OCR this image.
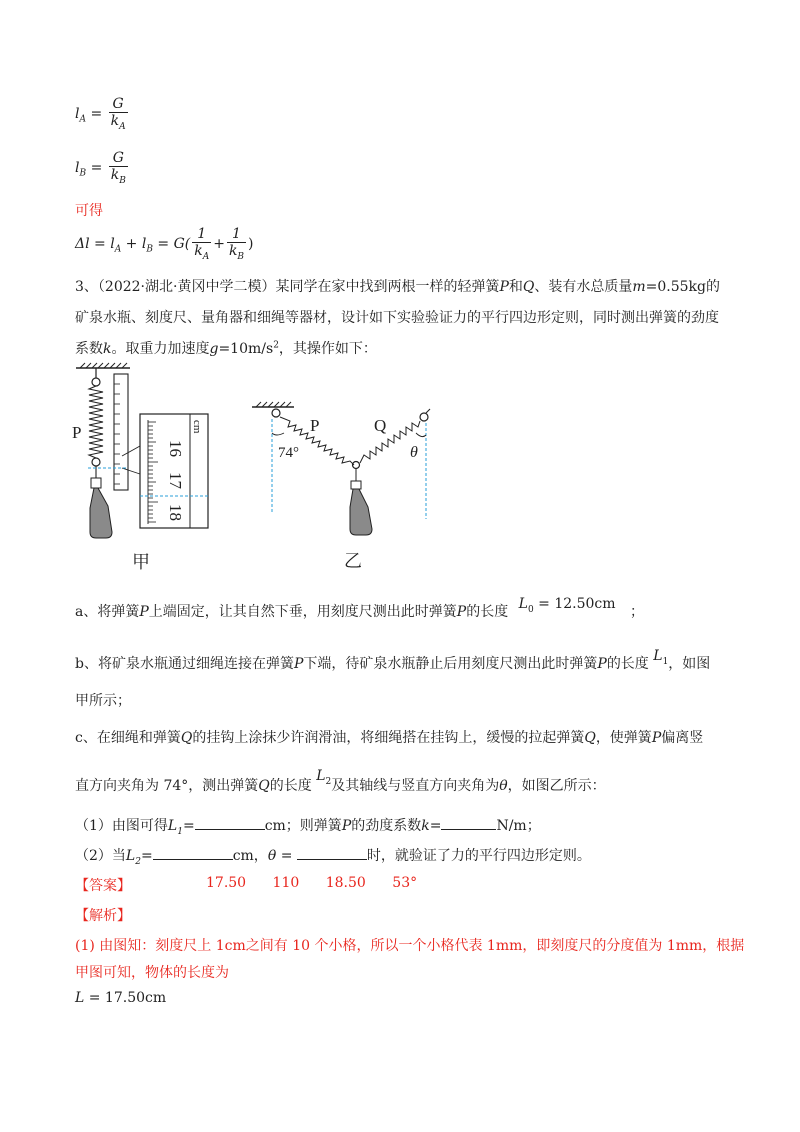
$l_A = \frac{G}{k_A}$
$l_B = \frac{G}{k_B}$
可得
$\Delta l = l_A + l_B = G( \frac{1}{k_A} + \frac{1}{k_B}$ )
3、（2022·湖北·黄冈中学二模）某同学在家中找到两根一样的轻弹簧P和Q、装有水总质量m=0.55kg的
矿泉水瓶、刻度尺、量角器和细绳等器材，设计如下实验验证力的平行四边形定则，同时测出弹簧的劲度
系数k。取重力加速度$g=10m/s^2$，其操作如下：
P	cm
16
17
18
甲
P	Q
74°	θ
乙
a、将弹簧P上端固定，让其自然下垂，用刻度尺测出此时弹簧P的长度 $L_0 = 12.50cm$ ；
b、将矿泉水瓶通过细绳连接在弹簧P下端，待矿泉水瓶静止后用刻度尺测出此时弹簧P的长度 $L_1$，如图
甲所示；
c、在细绳和弹簧Q的挂钩上涂抹少许润滑油，将细绳搭在挂钩上，缓慢的拉起弹簧Q，使弹簧P偏离竖
直方向夹角为 74°，测出弹簧Q的长度 $L_2$及其轴线与竖直方向夹角为θ，如图乙所示：
（1）由图可得$L_1=$	cm；则弹簧P的劲度系数k=	N/m；
（2）当$L_2=$	cm，θ =	时，就验证了力的平行四边形定则。
【答案】	17.50 110 18.50 53°
【解析】
(1) 由图知：刻度尺上 1cm之间有 10 个小格，所以一个小格代表 1mm，即刻度尺的分度值为 1mm，根据
甲图可知，物体的长度为
L = 17.50cm
